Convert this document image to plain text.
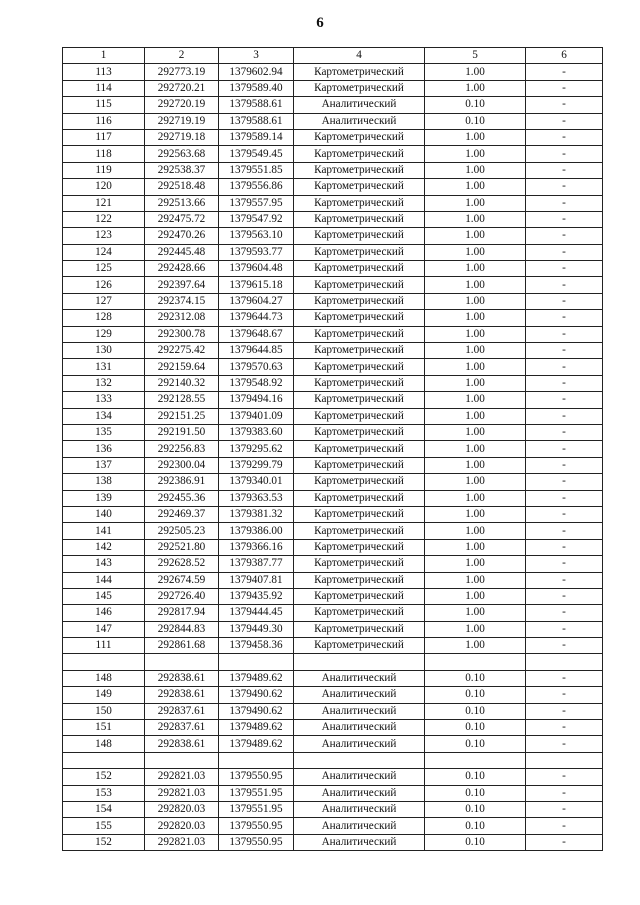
6
1	2	3	4	5	6
113	292773.19	1379602.94	Картометрический	1.00	-
114	292720.21	1379589.40	Картометрический	1.00	-
115	292720.19	1379588.61	Аналитический	0.10	-
116	292719.19	1379588.61	Аналитический	0.10	-
117	292719.18	1379589.14	Картометрический	1.00	-
118	292563.68	1379549.45	Картометрический	1.00	-
119	292538.37	1379551.85	Картометрический	1.00	-
120	292518.48	1379556.86	Картометрический	1.00	-
121	292513.66	1379557.95	Картометрический	1.00	-
122	292475.72	1379547.92	Картометрический	1.00	-
123	292470.26	1379563.10	Картометрический	1.00	-
124	292445.48	1379593.77	Картометрический	1.00	-
125	292428.66	1379604.48	Картометрический	1.00	-
126	292397.64	1379615.18	Картометрический	1.00	-
127	292374.15	1379604.27	Картометрический	1.00	-
128	292312.08	1379644.73	Картометрический	1.00	-
129	292300.78	1379648.67	Картометрический	1.00	-
130	292275.42	1379644.85	Картометрический	1.00	-
131	292159.64	1379570.63	Картометрический	1.00	-
132	292140.32	1379548.92	Картометрический	1.00	-
133	292128.55	1379494.16	Картометрический	1.00	-
134	292151.25	1379401.09	Картометрический	1.00	-
135	292191.50	1379383.60	Картометрический	1.00	-
136	292256.83	1379295.62	Картометрический	1.00	-
137	292300.04	1379299.79	Картометрический	1.00	-
138	292386.91	1379340.01	Картометрический	1.00	-
139	292455.36	1379363.53	Картометрический	1.00	-
140	292469.37	1379381.32	Картометрический	1.00	-
141	292505.23	1379386.00	Картометрический	1.00	-
142	292521.80	1379366.16	Картометрический	1.00	-
143	292628.52	1379387.77	Картометрический	1.00	-
144	292674.59	1379407.81	Картометрический	1.00	-
145	292726.40	1379435.92	Картометрический	1.00	-
146	292817.94	1379444.45	Картометрический	1.00	-
147	292844.83	1379449.30	Картометрический	1.00	-
111	292861.68	1379458.36	Картометрический	1.00	-

148	292838.61	1379489.62	Аналитический	0.10	-
149	292838.61	1379490.62	Аналитический	0.10	-
150	292837.61	1379490.62	Аналитический	0.10	-
151	292837.61	1379489.62	Аналитический	0.10	-
148	292838.61	1379489.62	Аналитический	0.10	-

152	292821.03	1379550.95	Аналитический	0.10	-
153	292821.03	1379551.95	Аналитический	0.10	-
154	292820.03	1379551.95	Аналитический	0.10	-
155	292820.03	1379550.95	Аналитический	0.10	-
152	292821.03	1379550.95	Аналитический	0.10	-
